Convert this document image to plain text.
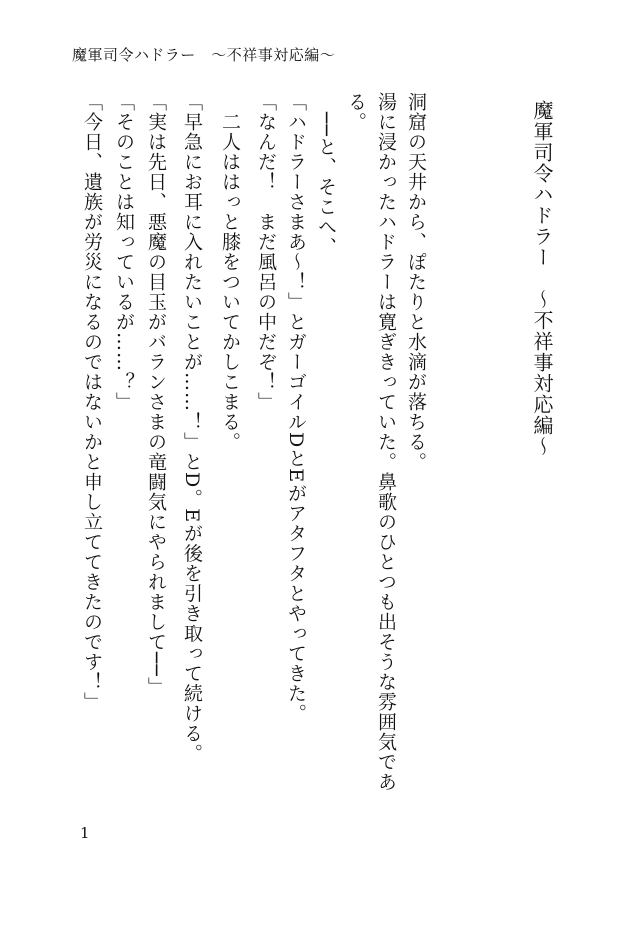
魔軍司令ハドラー　〜不祥事対応編〜
魔軍司令ハドラー　〜不祥事対応編〜
洞窟の天井から、ぽたりと水滴が落ちる。
湯に浸かったハドラーは寛ぎきっていた。鼻歌のひとつも出そうな雰囲気であ
る。
　──と、そこへ、
「ハドラーさまあ〜！」とガーゴイルDとEがアタフタとやってきた。
「なんだ！　まだ風呂の中だぞ！」
　二人ははっと膝をついてかしこまる。
「早急にお耳に入れたいことが……！」とD。Eが後を引き取って続ける。
「実は先日、悪魔の目玉がバランさまの竜闘気にやられまして──」
「そのことは知っているが……？」
「今日、遺族が労災になるのではないかと申し立ててきたのです！」
1
